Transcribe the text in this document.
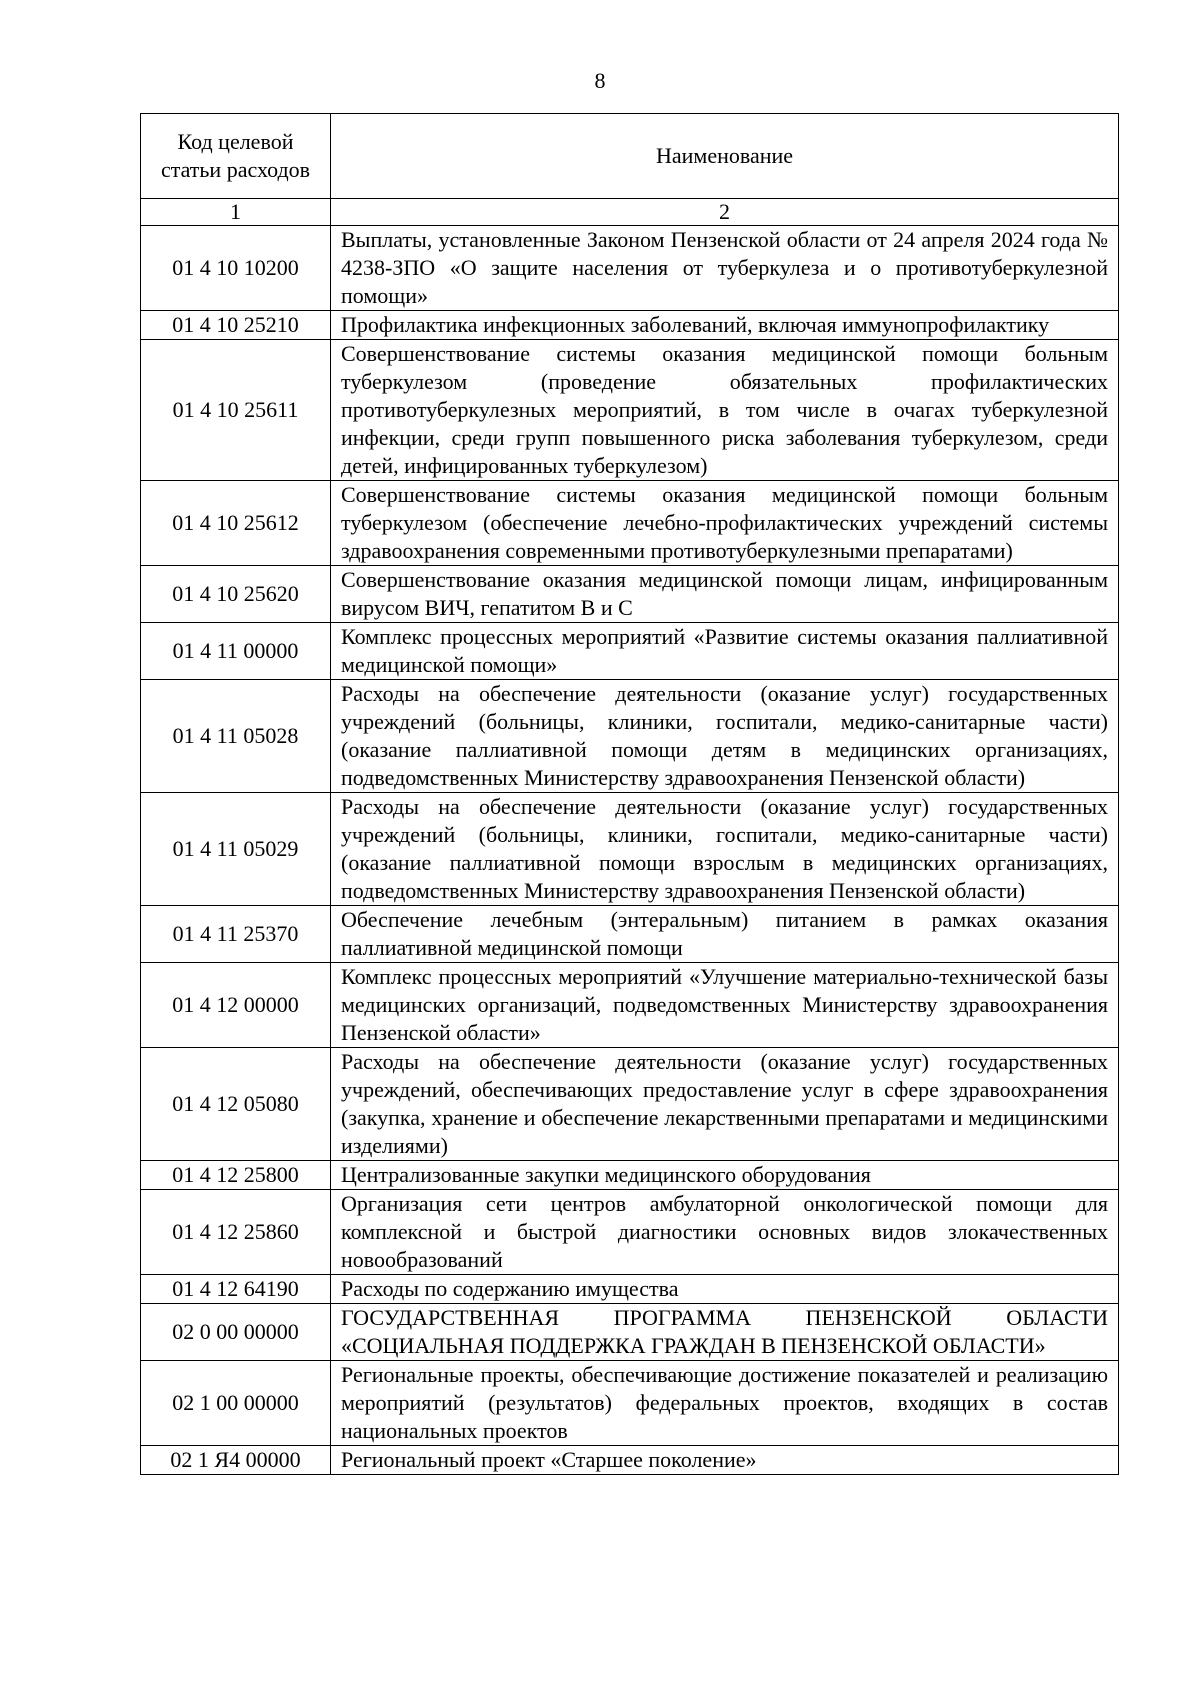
8
Код целевой статьи расходов	Наименование
1	2
01 4 10 10200	Выплаты, установленные Законом Пензенской области от 24 апреля 2024 года № 4238-ЗПО «О защите населения от туберкулеза и о противотуберкулезной помощи»
01 4 10 25210	Профилактика инфекционных заболеваний, включая иммунопрофилактику
01 4 10 25611	Совершенствование системы оказания медицинской помощи больным туберкулезом (проведение обязательных профилактических противотуберкулезных мероприятий, в том числе в очагах туберкулезной инфекции, среди групп повышенного риска заболевания туберкулезом, среди детей, инфицированных туберкулезом)
01 4 10 25612	Совершенствование системы оказания медицинской помощи больным туберкулезом (обеспечение лечебно-профилактических учреждений системы здравоохранения современными противотуберкулезными препаратами)
01 4 10 25620	Совершенствование оказания медицинской помощи лицам, инфицированным вирусом ВИЧ, гепатитом В и С
01 4 11 00000	Комплекс процессных мероприятий «Развитие системы оказания паллиативной медицинской помощи»
01 4 11 05028	Расходы на обеспечение деятельности (оказание услуг) государственных учреждений (больницы, клиники, госпитали, медико-санитарные части) (оказание паллиативной помощи детям в медицинских организациях, подведомственных Министерству здравоохранения Пензенской области)
01 4 11 05029	Расходы на обеспечение деятельности (оказание услуг) государственных учреждений (больницы, клиники, госпитали, медико-санитарные части) (оказание паллиативной помощи взрослым в медицинских организациях, подведомственных Министерству здравоохранения Пензенской области)
01 4 11 25370	Обеспечение лечебным (энтеральным) питанием в рамках оказания паллиативной медицинской помощи
01 4 12 00000	Комплекс процессных мероприятий «Улучшение материально-технической базы медицинских организаций, подведомственных Министерству здравоохранения Пензенской области»
01 4 12 05080	Расходы на обеспечение деятельности (оказание услуг) государственных учреждений, обеспечивающих предоставление услуг в сфере здравоохранения (закупка, хранение и обеспечение лекарственными препаратами и медицинскими изделиями)
01 4 12 25800	Централизованные закупки медицинского оборудования
01 4 12 25860	Организация сети центров амбулаторной онкологической помощи для комплексной и быстрой диагностики основных видов злокачественных новообразований
01 4 12 64190	Расходы по содержанию имущества
02 0 00 00000	ГОСУДАРСТВЕННАЯ ПРОГРАММА ПЕНЗЕНСКОЙ ОБЛАСТИ «СОЦИАЛЬНАЯ ПОДДЕРЖКА ГРАЖДАН В ПЕНЗЕНСКОЙ ОБЛАСТИ»
02 1 00 00000	Региональные проекты, обеспечивающие достижение показателей и реализацию мероприятий (результатов) федеральных проектов, входящих в состав национальных проектов
02 1 Я4 00000	Региональный проект «Старшее поколение»
